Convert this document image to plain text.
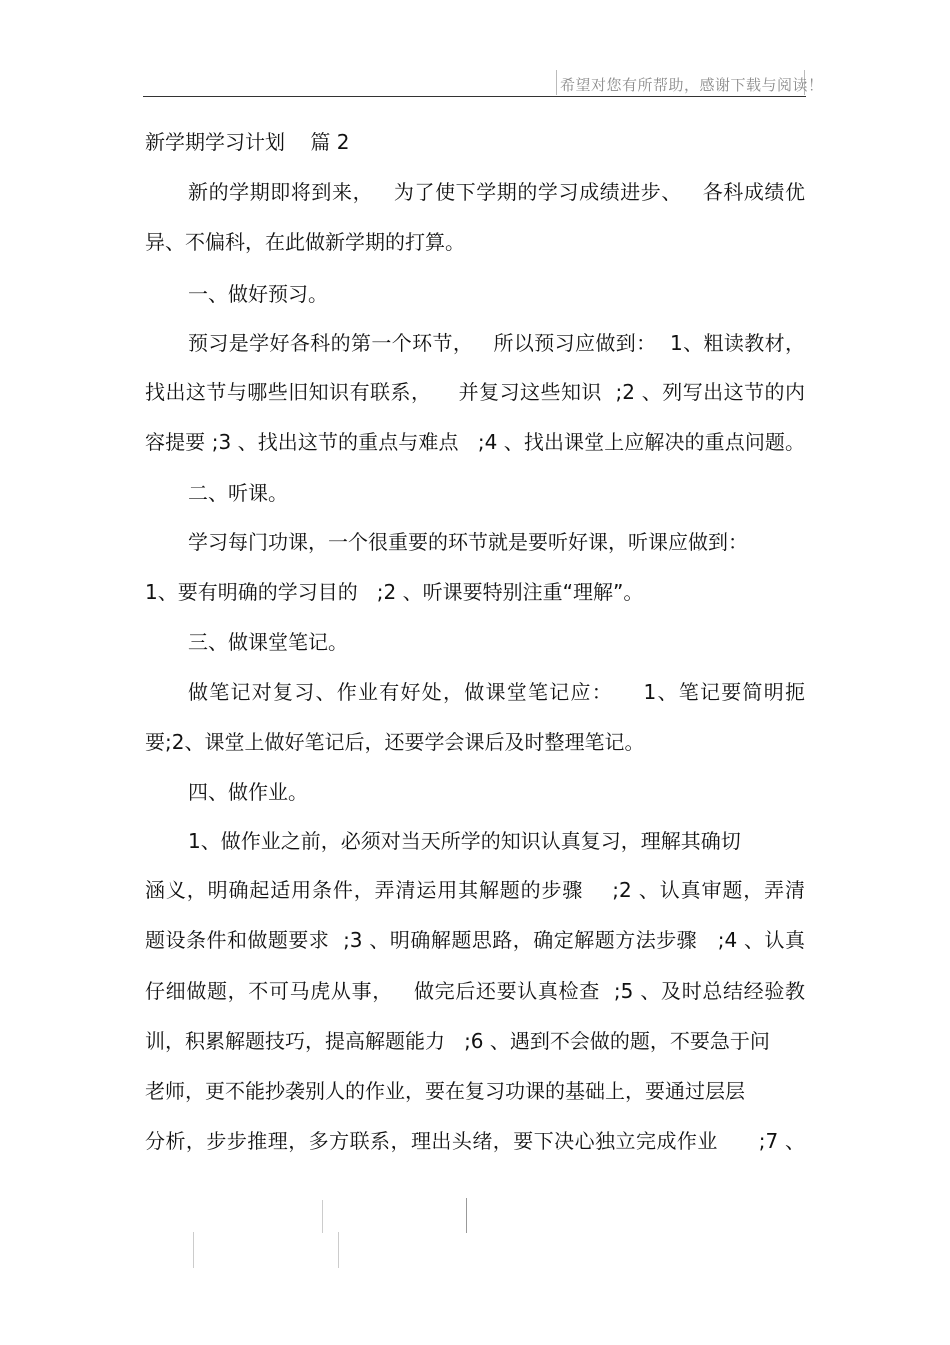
希望对您有所帮助，感谢下载与阅读！
新学期学习计划    篇 2
新的学期即将到来，   为了使下学期的学习成绩进步、   各科成绩优
异、不偏科，在此做新学期的打算。
一、做好预习。
预习是学好各科的第一个环节，   所以预习应做到：  1、粗读教材，
找出这节与哪些旧知识有联系，    并复习这些知识  ;2 、列写出这节的内
容提要 ;3 、找出这节的重点与难点   ;4 、找出课堂上应解决的重点问题。
二、听课。
学习每门功课，一个很重要的环节就是要听好课，听课应做到：
1、要有明确的学习目的   ;2 、听课要特别注重“理解”。
三、做课堂笔记。
做笔记对复习、作业有好处，做课堂笔记应：    1、笔记要简明扼
要;2、课堂上做好笔记后，还要学会课后及时整理笔记。
四、做作业。
1、做作业之前，必须对当天所学的知识认真复习，理解其确切
涵义，明确起适用条件，弄清运用其解题的步骤    ;2 、认真审题，弄清
题设条件和做题要求  ;3 、明确解题思路，确定解题方法步骤   ;4 、认真
仔细做题，不可马虎从事，   做完后还要认真检查  ;5 、及时总结经验教
训，积累解题技巧，提高解题能力   ;6 、遇到不会做的题，不要急于问
老师，更不能抄袭别人的作业，要在复习功课的基础上，要通过层层
分析，步步推理，多方联系，理出头绪，要下决心独立完成作业      ;7 、
